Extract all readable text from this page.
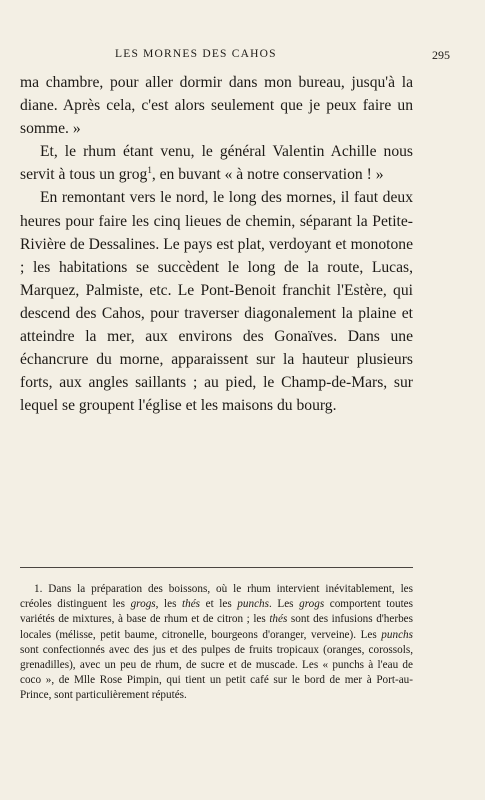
LES MORNES DES CAHOS	295

ma chambre, pour aller dormir dans mon bureau, jusqu'à la diane. Après cela, c'est alors seulement que je peux faire un somme. »

Et, le rhum étant venu, le général Valentin Achille nous servit à tous un grog$^1$, en buvant « à notre conservation ! »

En remontant vers le nord, le long des mornes, il faut deux heures pour faire les cinq lieues de chemin, séparant la Petite-Rivière de Dessalines. Le pays est plat, verdoyant et monotone ; les habitations se succèdent le long de la route, Lucas, Marquez, Palmiste, etc. Le Pont-Benoit franchit l'Estère, qui descend des Cahos, pour traverser diagonalement la plaine et atteindre la mer, aux environs des Gonaïves. Dans une échancrure du morne, apparaissent sur la hauteur plusieurs forts, aux angles saillants ; au pied, le Champ-de-Mars, sur lequel se groupent l'église et les maisons du bourg.

1. Dans la préparation des boissons, où le rhum intervient inévitablement, les créoles distinguent les grogs, les thés et les punchs. Les grogs comportent toutes variétés de mixtures, à base de rhum et de citron ; les thés sont des infusions d'herbes locales (mélisse, petit baume, citronelle, bourgeons d'oranger, verveine). Les punchs sont confectionnés avec des jus et des pulpes de fruits tropicaux (oranges, corossols, grenadilles), avec un peu de rhum, de sucre et de muscade. Les « punchs à l'eau de coco », de Mlle Rose Pimpin, qui tient un petit café sur le bord de mer à Port-au-Prince, sont particulièrement réputés.
